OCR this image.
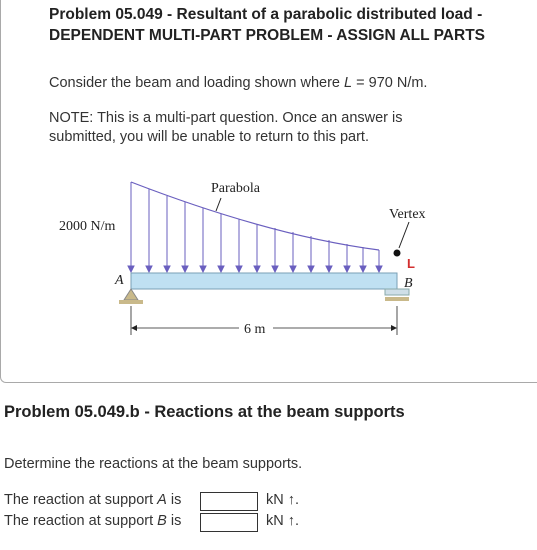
Problem 05.049 - Resultant of a parabolic distributed load - DEPENDENT MULTI-PART PROBLEM - ASSIGN ALL PARTS
Consider the beam and loading shown where L = 970 N/m.
NOTE: This is a multi-part question. Once an answer is submitted, you will be unable to return to this part.
Parabola
Vertex
2000 N/m
A	B
L
6 m
Problem 05.049.b - Reactions at the beam supports
Determine the reactions at the beam supports.
The reaction at support A is	kN ↑.
The reaction at support B is	kN ↑.
